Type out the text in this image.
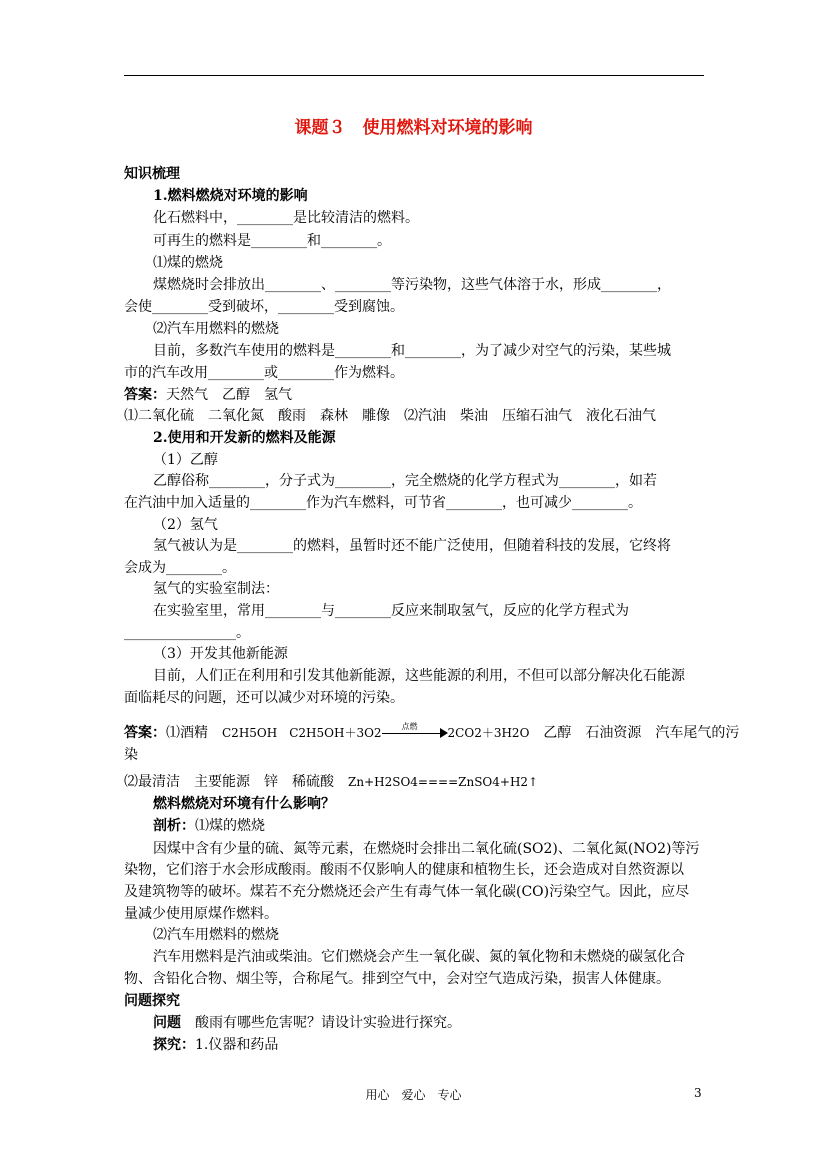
课题３　使用燃料对环境的影响
知识梳理
1.燃料燃烧对环境的影响
化石燃料中，________是比较清洁的燃料。
可再生的燃料是________和________。
⑴煤的燃烧
煤燃烧时会排放出________、________等污染物，这些气体溶于水，形成________，
会使________受到破坏，________受到腐蚀。
⑵汽车用燃料的燃烧
目前，多数汽车使用的燃料是________和________，为了减少对空气的污染，某些城
市的汽车改用________或________作为燃料。
答案：天然气　乙醇　氢气
⑴二氧化硫　二氧化氮　酸雨　森林　雕像　⑵汽油　柴油　压缩石油气　液化石油气
2.使用和开发新的燃料及能源
（1）乙醇
乙醇俗称________，分子式为________，完全燃烧的化学方程式为________，如若
在汽油中加入适量的________作为汽车燃料，可节省________，也可减少________。
（2）氢气
氢气被认为是________的燃料，虽暂时还不能广泛使用，但随着科技的发展，它终将
会成为________。
氢气的实验室制法：
在实验室里，常用________与________反应来制取氢气，反应的化学方程式为
________________。
（3）开发其他新能源
目前，人们正在利用和引发其他新能源，这些能源的利用，不但可以部分解决化石能源
面临耗尽的问题，还可以减少对环境的污染。
答案：⑴酒精　C2H5OH　C2H5OH＋3O2	点燃	2CO2＋3H2O　乙醇　石油资源　汽车尾气的污
染
⑵最清洁　主要能源　锌　稀硫酸　Zn+H2SO4====ZnSO4+H2↑
燃料燃烧对环境有什么影响？
剖析：⑴煤的燃烧
因煤中含有少量的硫、氮等元素，在燃烧时会排出二氧化硫(SO2)、二氧化氮(NO2)等污
染物，它们溶于水会形成酸雨。酸雨不仅影响人的健康和植物生长，还会造成对自然资源以
及建筑物等的破坏。煤若不充分燃烧还会产生有毒气体一氧化碳(CO)污染空气。因此，应尽
量减少使用原煤作燃料。
⑵汽车用燃料的燃烧
汽车用燃料是汽油或柴油。它们燃烧会产生一氧化碳、氮的氧化物和未燃烧的碳氢化合
物、含铅化合物、烟尘等，合称尾气。排到空气中，会对空气造成污染，损害人体健康。
问题探究
问题　酸雨有哪些危害呢？请设计实验进行探究。
探究：1.仪器和药品
用心　爱心　专心	3
